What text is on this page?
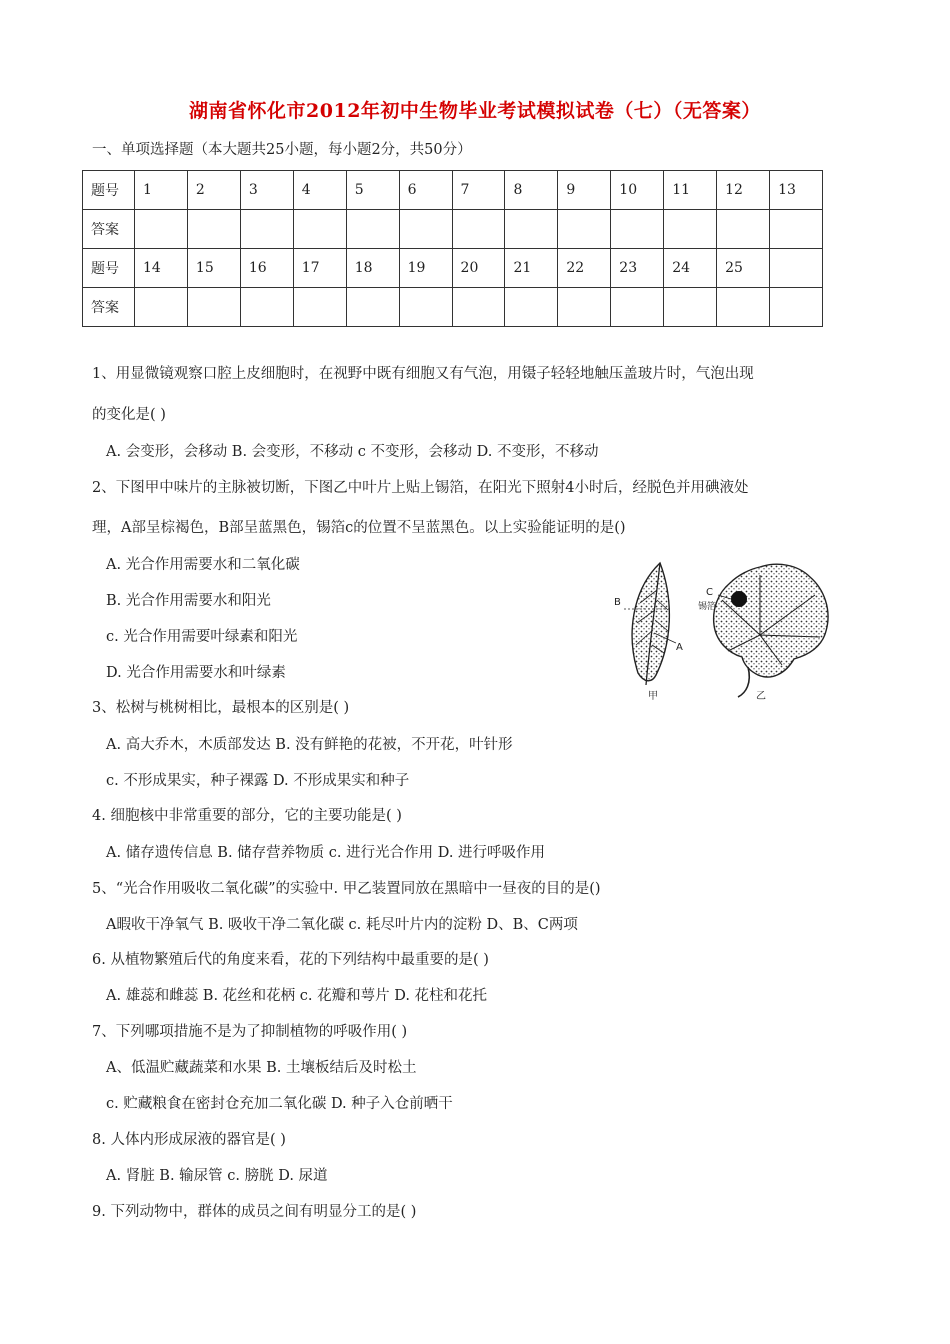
湖南省怀化市2012年初中生物毕业考试模拟试卷（七）（无答案）
一、单项选择题（本大题共25小题，每小题2分，共50分）
题号	1	2	3	4	5	6	7	8	9	10	11	12	13
答案													
题号	14	15	16	17	18	19	20	21	22	23	24	25	
答案													
1、用显微镜观察口腔上皮细胞时，在视野中既有细胞又有气泡，用镊子轻轻地触压盖玻片时，气泡出现
的变化是( )
A. 会变形，会移动 B. 会变形，不移动 c 不变形，会移动 D. 不变形，不移动
2、下图甲中味片的主脉被切断，下图乙中叶片上贴上锡箔，在阳光下照射4小时后，经脱色并用碘液处
理，A部呈棕褐色，B部呈蓝黑色，锡箔c的位置不呈蓝黑色。以上实验能证明的是()
A. 光合作用需要水和二氧化碳
B. 光合作用需要水和阳光
c. 光合作用需要叶绿素和阳光
D. 光合作用需要水和叶绿素
3、松树与桃树相比，最根本的区别是( )
A. 高大乔木，木质部发达 B. 没有鲜艳的花被，不开花，叶针形
c. 不形成果实，种子裸露 D. 不形成果实和种子
4. 细胞核中非常重要的部分，它的主要功能是( )
A. 储存遗传信息 B. 储存营养物质 c. 进行光合作用 D. 进行呼吸作用
5、“光合作用吸收二氧化碳”的实验中. 甲乙装置同放在黑暗中一昼夜的目的是()
A暇收干净氧气 B. 吸收干净二氧化碳 c. 耗尽叶片内的淀粉 D、B、C两项
6. 从植物繁殖后代的角度来看，花的下列结构中最重要的是( )
A. 雄蕊和雌蕊 B. 花丝和花柄 c. 花瓣和萼片 D. 花柱和花托
7、下列哪项措施不是为了抑制植物的呼吸作用( )
A、低温贮藏蔬菜和水果 B. 土壤板结后及时松土
c. 贮藏粮食在密封仓充加二氧化碳 D. 种子入仓前晒干
8. 人体内形成尿液的器官是( )
A. 肾脏 B. 输尿管 c. 膀胱 D. 尿道
9. 下列动物中，群体的成员之间有明显分工的是( )
B
A
甲
C
锡箔
乙
